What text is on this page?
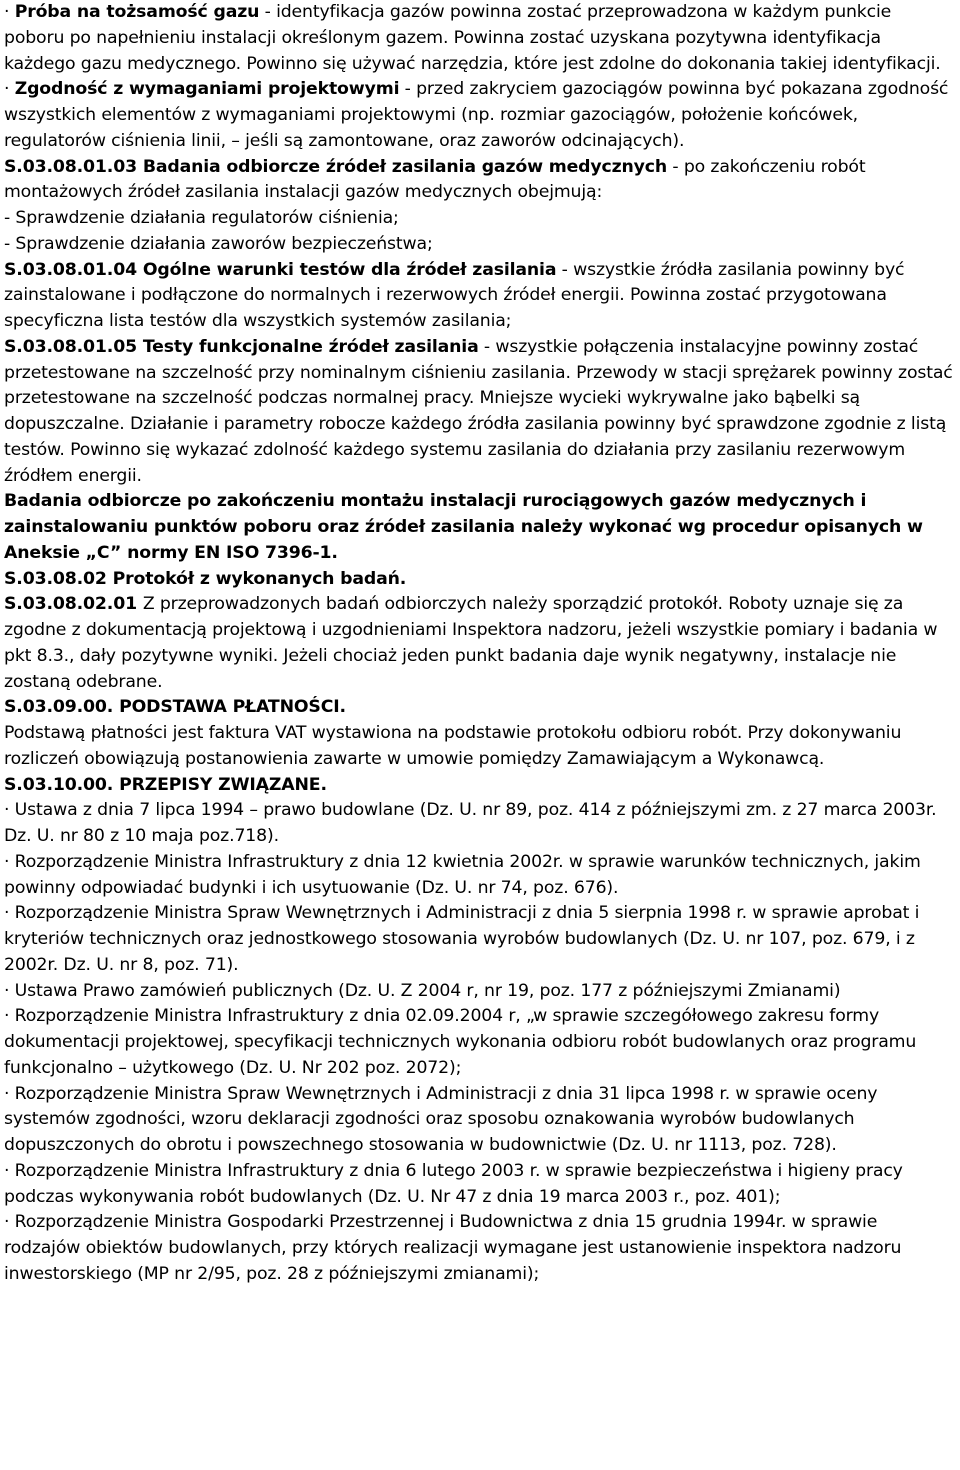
· Próba na tożsamość gazu - identyfikacja gazów powinna zostać przeprowadzona w każdym punkcie poboru po napełnieniu instalacji określonym gazem. Powinna zostać uzyskana pozytywna identyfikacja każdego gazu medycznego. Powinno się używać narzędzia, które jest zdolne do dokonania takiej identyfikacji.

· Zgodność z wymaganiami projektowymi - przed zakryciem gazociągów powinna być pokazana zgodność wszystkich elementów z wymaganiami projektowymi (np. rozmiar gazociągów, położenie końcówek, regulatorów ciśnienia linii, – jeśli są zamontowane, oraz zaworów odcinających).

S.03.08.01.03 Badania odbiorcze źródeł zasilania gazów medycznych - po zakończeniu robót montażowych źródeł zasilania instalacji gazów medycznych obejmują:

- Sprawdzenie działania regulatorów ciśnienia;

- Sprawdzenie działania zaworów bezpieczeństwa;

S.03.08.01.04 Ogólne warunki testów dla źródeł zasilania - wszystkie źródła zasilania powinny być zainstalowane i podłączone do normalnych i rezerwowych źródeł energii. Powinna zostać przygotowana specyficzna lista testów dla wszystkich systemów zasilania;

S.03.08.01.05 Testy funkcjonalne źródeł zasilania - wszystkie połączenia instalacyjne powinny zostać przetestowane na szczelność przy nominalnym ciśnieniu zasilania. Przewody w stacji sprężarek powinny zostać przetestowane na szczelność podczas normalnej pracy. Mniejsze wycieki wykrywalne jako bąbelki są dopuszczalne. Działanie i parametry robocze każdego źródła zasilania powinny być sprawdzone zgodnie z listą testów. Powinno się wykazać zdolność każdego systemu zasilania do działania przy zasilaniu rezerwowym źródłem energii.

Badania odbiorcze po zakończeniu montażu instalacji rurociągowych gazów medycznych i zainstalowaniu punktów poboru oraz źródeł zasilania należy wykonać wg procedur opisanych w Aneksie „C” normy EN ISO 7396-1.

S.03.08.02 Protokół z wykonanych badań.

S.03.08.02.01 Z przeprowadzonych badań odbiorczych należy sporządzić protokół. Roboty uznaje się za zgodne z dokumentacją projektową i uzgodnieniami Inspektora nadzoru, jeżeli wszystkie pomiary i badania w pkt 8.3., dały pozytywne wyniki. Jeżeli chociaż jeden punkt badania daje wynik negatywny, instalacje nie zostaną odebrane.

S.03.09.00. PODSTAWA PŁATNOŚCI.

Podstawą płatności jest faktura VAT wystawiona na podstawie protokołu odbioru robót. Przy dokonywaniu rozliczeń obowiązują postanowienia zawarte w umowie pomiędzy Zamawiającym a Wykonawcą.

S.03.10.00. PRZEPISY ZWIĄZANE.

· Ustawa z dnia 7 lipca 1994 – prawo budowlane (Dz. U. nr 89, poz. 414 z późniejszymi zm. z 27 marca 2003r. Dz. U. nr 80 z 10 maja poz.718).

· Rozporządzenie Ministra Infrastruktury z dnia 12 kwietnia 2002r. w sprawie warunków technicznych, jakim powinny odpowiadać budynki i ich usytuowanie (Dz. U. nr 74, poz. 676).

· Rozporządzenie Ministra Spraw Wewnętrznych i Administracji z dnia 5 sierpnia 1998 r. w sprawie aprobat i kryteriów technicznych oraz jednostkowego stosowania wyrobów budowlanych (Dz. U. nr 107, poz. 679, i z 2002r. Dz. U. nr 8, poz. 71).

· Ustawa Prawo zamówień publicznych (Dz. U. Z 2004 r, nr 19, poz. 177 z późniejszymi Zmianami)

· Rozporządzenie Ministra Infrastruktury z dnia 02.09.2004 r, „w sprawie szczegółowego zakresu formy dokumentacji projektowej, specyfikacji technicznych wykonania odbioru robót budowlanych oraz programu funkcjonalno – użytkowego (Dz. U. Nr 202 poz. 2072);

· Rozporządzenie Ministra Spraw Wewnętrznych i Administracji z dnia 31 lipca 1998 r. w sprawie oceny systemów zgodności, wzoru deklaracji zgodności oraz sposobu oznakowania wyrobów budowlanych dopuszczonych do obrotu i powszechnego stosowania w budownictwie (Dz. U. nr 1113, poz. 728).

· Rozporządzenie Ministra Infrastruktury z dnia 6 lutego 2003 r. w sprawie bezpieczeństwa i higieny pracy podczas wykonywania robót budowlanych (Dz. U. Nr 47 z dnia 19 marca 2003 r., poz. 401);

· Rozporządzenie Ministra Gospodarki Przestrzennej i Budownictwa z dnia 15 grudnia 1994r. w sprawie rodzajów obiektów budowlanych, przy których realizacji wymagane jest ustanowienie inspektora nadzoru inwestorskiego (MP nr 2/95, poz. 28 z późniejszymi zmianami);
